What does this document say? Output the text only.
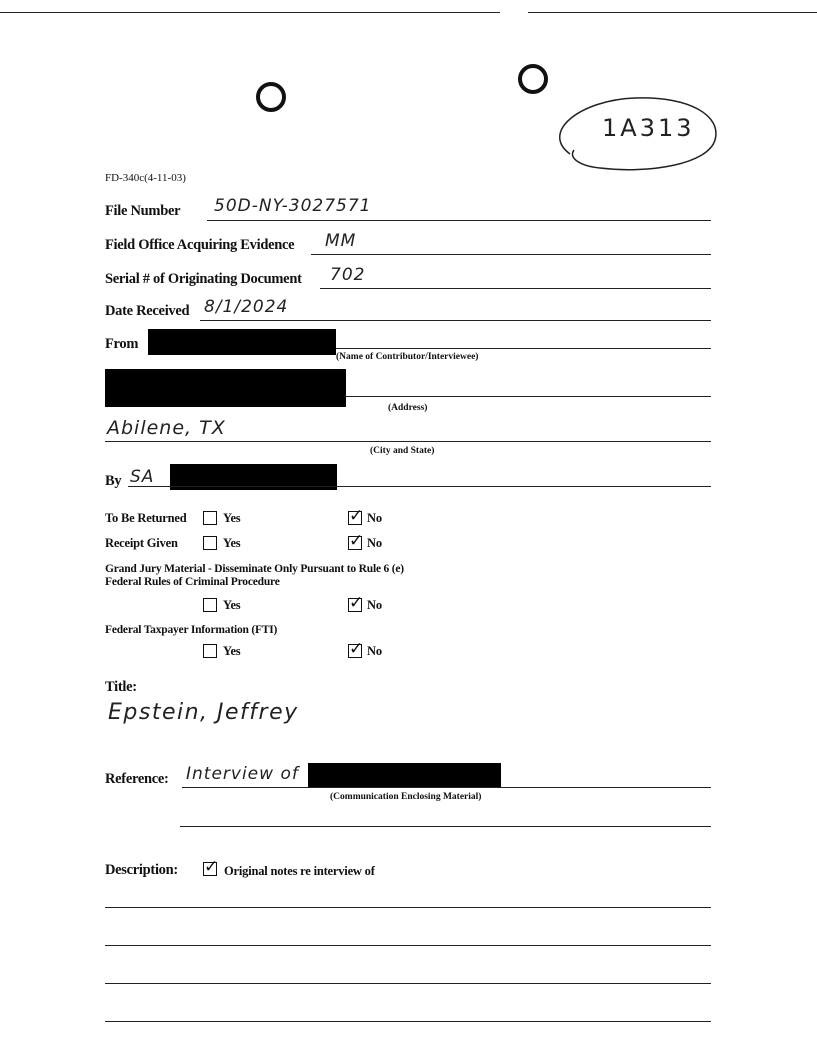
1A313
FD-340c(4-11-03)
File Number 50D-NY-3027571
Field Office Acquiring Evidence MM
Serial # of Originating Document 702
Date Received 8/1/2024
From
(Name of Contributor/Interviewee)
(Address)
Abilene, TX
(City and State)
By SA
To Be Returned	Yes	✓ No
Receipt Given	Yes	✓ No
Grand Jury Material - Disseminate Only Pursuant to Rule 6 (e)
Federal Rules of Criminal Procedure
Yes	✓ No
Federal Taxpayer Information (FTI)
Yes	✓ No
Title:
Epstein, Jeffrey
Reference: Interview of
(Communication Enclosing Material)
Description: ✓ Original notes re interview of
